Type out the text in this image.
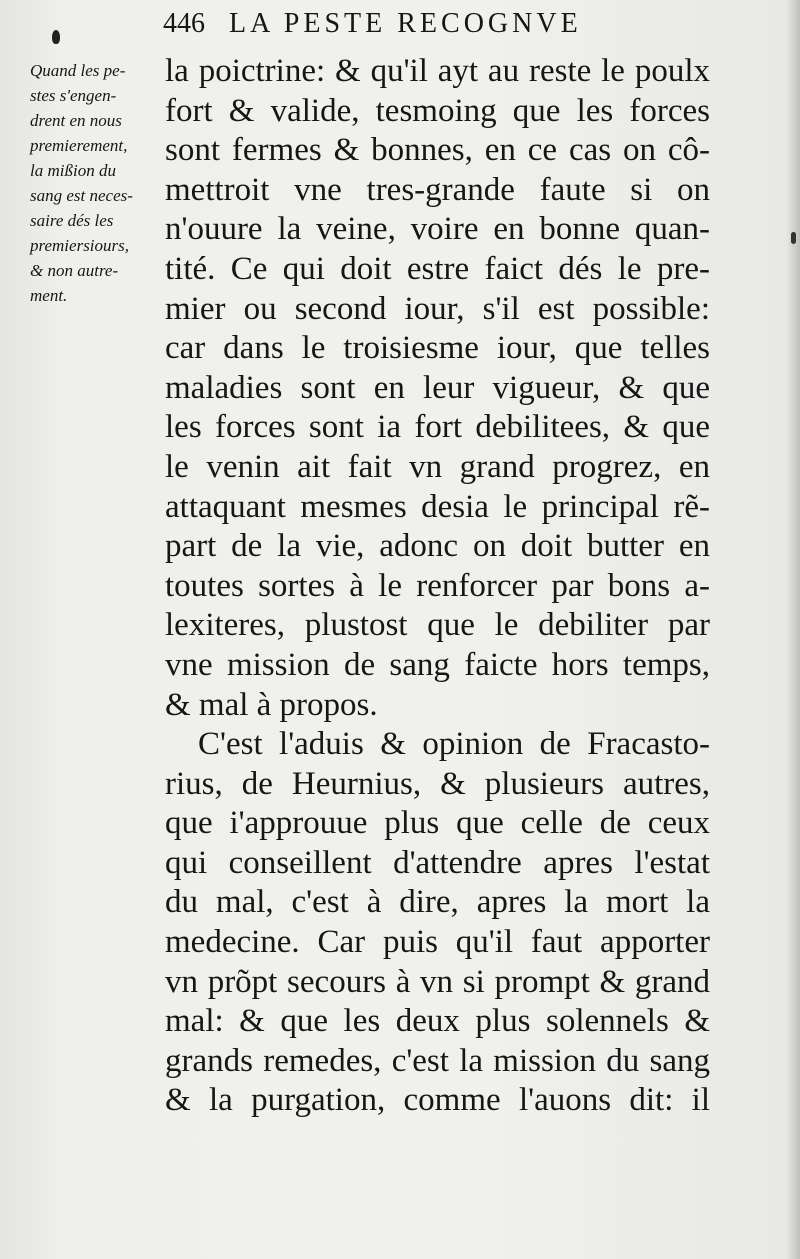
446 LA PESTE RECOGNVE
Quand les pe-
stes s'engen-
drent en nous
premierement,
la mißion du
sang est neces-
saire dés les
premiersiours,
& non autre-
ment.
la poictrine: & qu'il ayt au reste le poulx
fort & valide, tesmoing que les forces
sont fermes & bonnes, en ce cas on cô-
mettroit vne tres-grande faute si on
n'ouure la veine, voire en bonne quan-
tité. Ce qui doit estre faict dés le pre-
mier ou second iour, s'il est possible:
car dans le troisiesme iour, que telles
maladies sont en leur vigueur, & que
les forces sont ia fort debilitees, & que
le venin ait fait vn grand progrez, en
attaquant mesmes desia le principal rẽ-
part de la vie, adonc on doit butter en
toutes sortes à le renforcer par bons a-
lexiteres, plustost que le debiliter par
vne mission de sang faicte hors temps,
& mal à propos.
C'est l'aduis & opinion de Fracasto-
rius, de Heurnius, & plusieurs autres,
que i'approuue plus que celle de ceux
qui conseillent d'attendre apres l'estat
du mal, c'est à dire, apres la mort la
medecine. Car puis qu'il faut apporter
vn prõpt secours à vn si prompt & grand
mal: & que les deux plus solennels &
grands remedes, c'est la mission du sang
& la purgation, comme l'auons dit: il
